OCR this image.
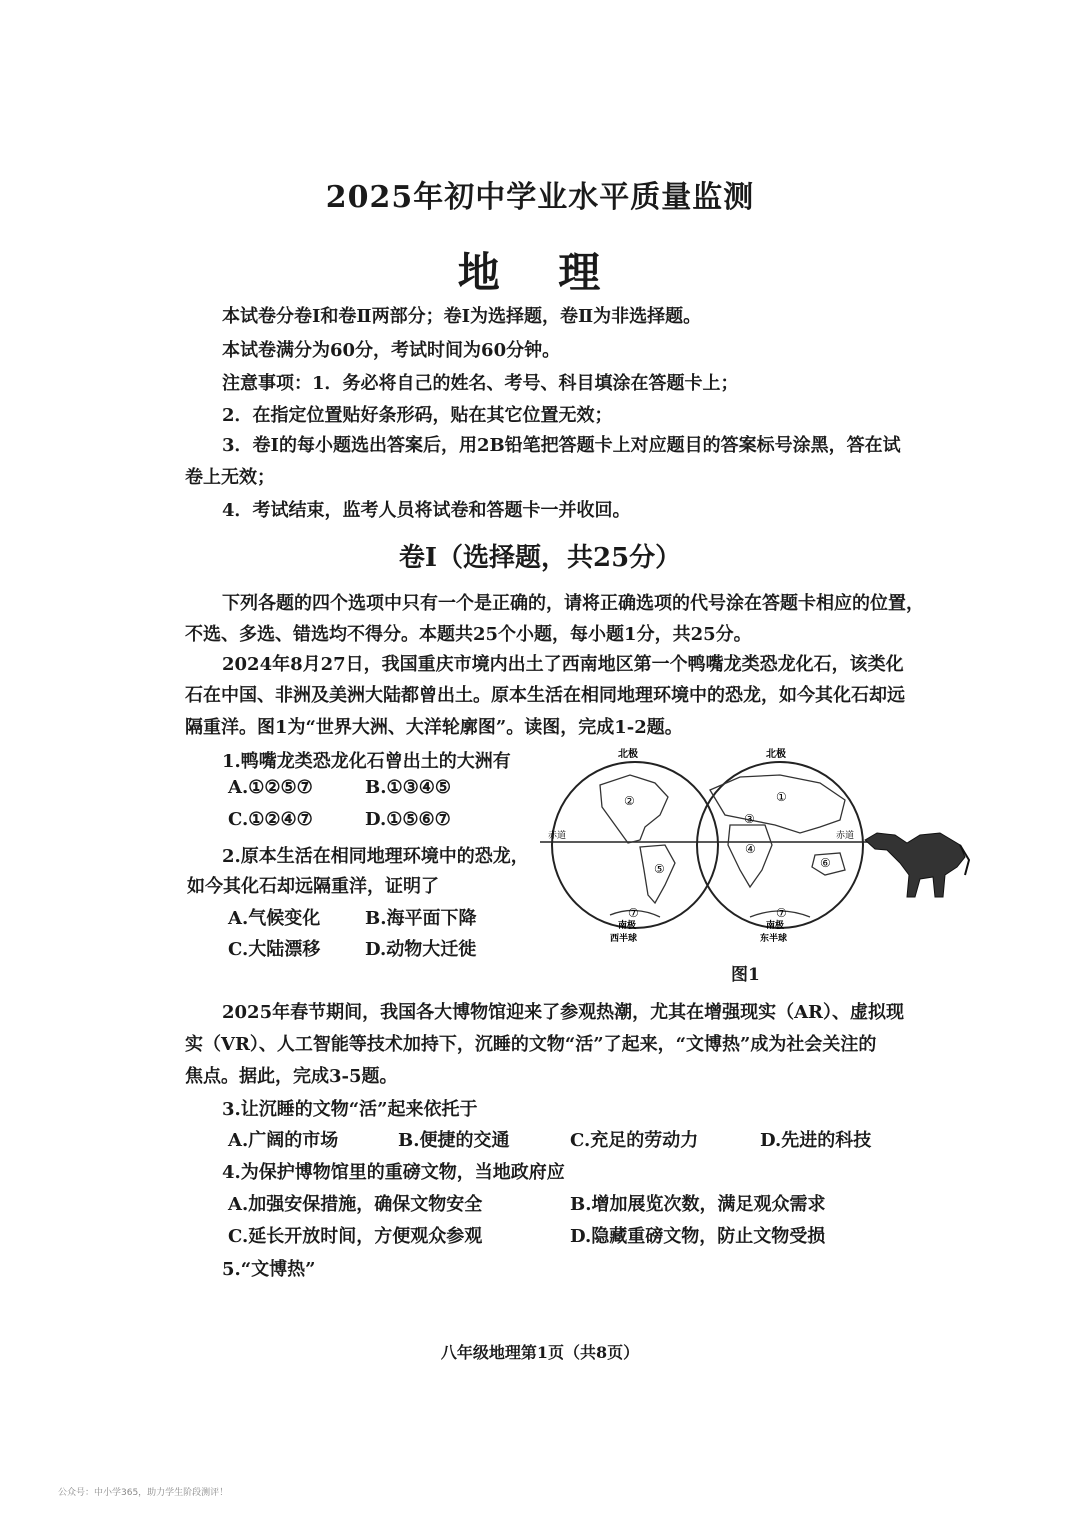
2025年初中学业水平质量监测
地 理
本试卷分卷Ⅰ和卷Ⅱ两部分；卷Ⅰ为选择题，卷Ⅱ为非选择题。
本试卷满分为60分，考试时间为60分钟。
注意事项：1．务必将自己的姓名、考号、科目填涂在答题卡上；
2．在指定位置贴好条形码，贴在其它位置无效；
3．卷Ⅰ的每小题选出答案后，用2B铅笔把答题卡上对应题目的答案标号涂黑，答在试
卷上无效；
4．考试结束，监考人员将试卷和答题卡一并收回。
卷Ⅰ（选择题，共25分）
下列各题的四个选项中只有一个是正确的，请将正确选项的代号涂在答题卡相应的位置，
不选、多选、错选均不得分。本题共25个小题，每小题1分，共25分。
2024年8月27日，我国重庆市境内出土了西南地区第一个鸭嘴龙类恐龙化石，该类化
石在中国、非洲及美洲大陆都曾出土。原本生活在相同地理环境中的恐龙，如今其化石却远
隔重洋。图1为“世界大洲、大洋轮廓图”。读图，完成1-2题。
1.鸭嘴龙类恐龙化石曾出土的大洲有
A.①②⑤⑦	B.①③④⑤
C.①②④⑦	D.①⑤⑥⑦
2.原本生活在相同地理环境中的恐龙，
如今其化石却远隔重洋，证明了
A.气候变化 B.海平面下降
C.大陆漂移 D.动物大迁徙
北极	北极
赤道	赤道
南极
西半球
南极
东半球
②
⑤
①
③
④
⑥
⑦	⑦
图1
2025年春节期间，我国各大博物馆迎来了参观热潮，尤其在增强现实（AR）、虚拟现
实（VR）、人工智能等技术加持下，沉睡的文物“活”了起来，“文博热”成为社会关注的
焦点。据此，完成3-5题。
3.让沉睡的文物“活”起来依托于
A.广阔的市场	B.便捷的交通	C.充足的劳动力	D.先进的科技
4.为保护博物馆里的重磅文物，当地政府应
A.加强安保措施，确保文物安全	B.增加展览次数，满足观众需求
C.延长开放时间，方便观众参观	D.隐藏重磅文物，防止文物受损
5.“文博热”
八年级地理第1页（共8页）
公众号：中小学365，助力学生阶段测评！
